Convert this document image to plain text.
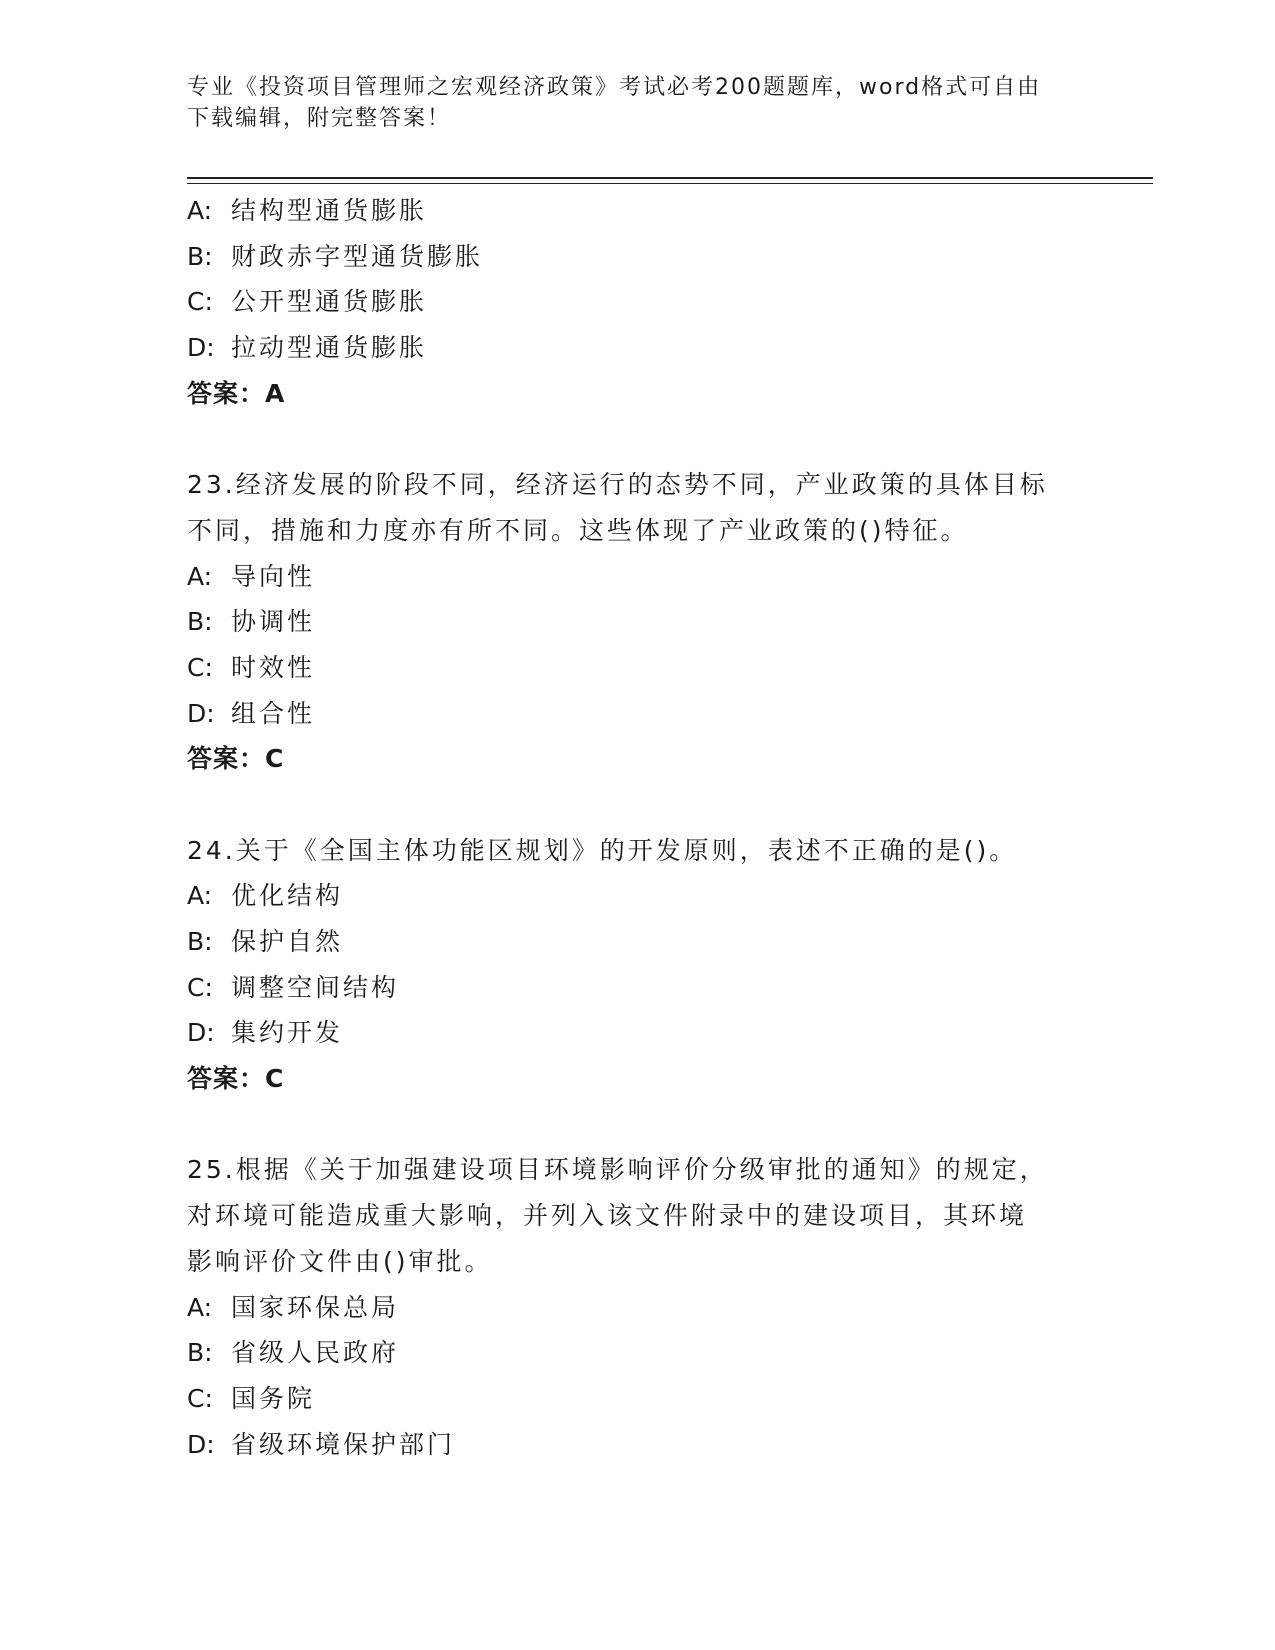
专业《投资项目管理师之宏观经济政策》考试必考200题题库，word格式可自由
下载编辑，附完整答案！
A: 结构型通货膨胀
B: 财政赤字型通货膨胀
C: 公开型通货膨胀
D: 拉动型通货膨胀
答案：A
23.经济发展的阶段不同，经济运行的态势不同，产业政策的具体目标
不同，措施和力度亦有所不同。这些体现了产业政策的()特征。
A: 导向性
B: 协调性
C: 时效性
D: 组合性
答案：C
24.关于《全国主体功能区规划》的开发原则，表述不正确的是()。
A: 优化结构
B: 保护自然
C: 调整空间结构
D: 集约开发
答案：C
25.根据《关于加强建设项目环境影响评价分级审批的通知》的规定，
对环境可能造成重大影响，并列入该文件附录中的建设项目，其环境
影响评价文件由()审批。
A: 国家环保总局
B: 省级人民政府
C: 国务院
D: 省级环境保护部门
